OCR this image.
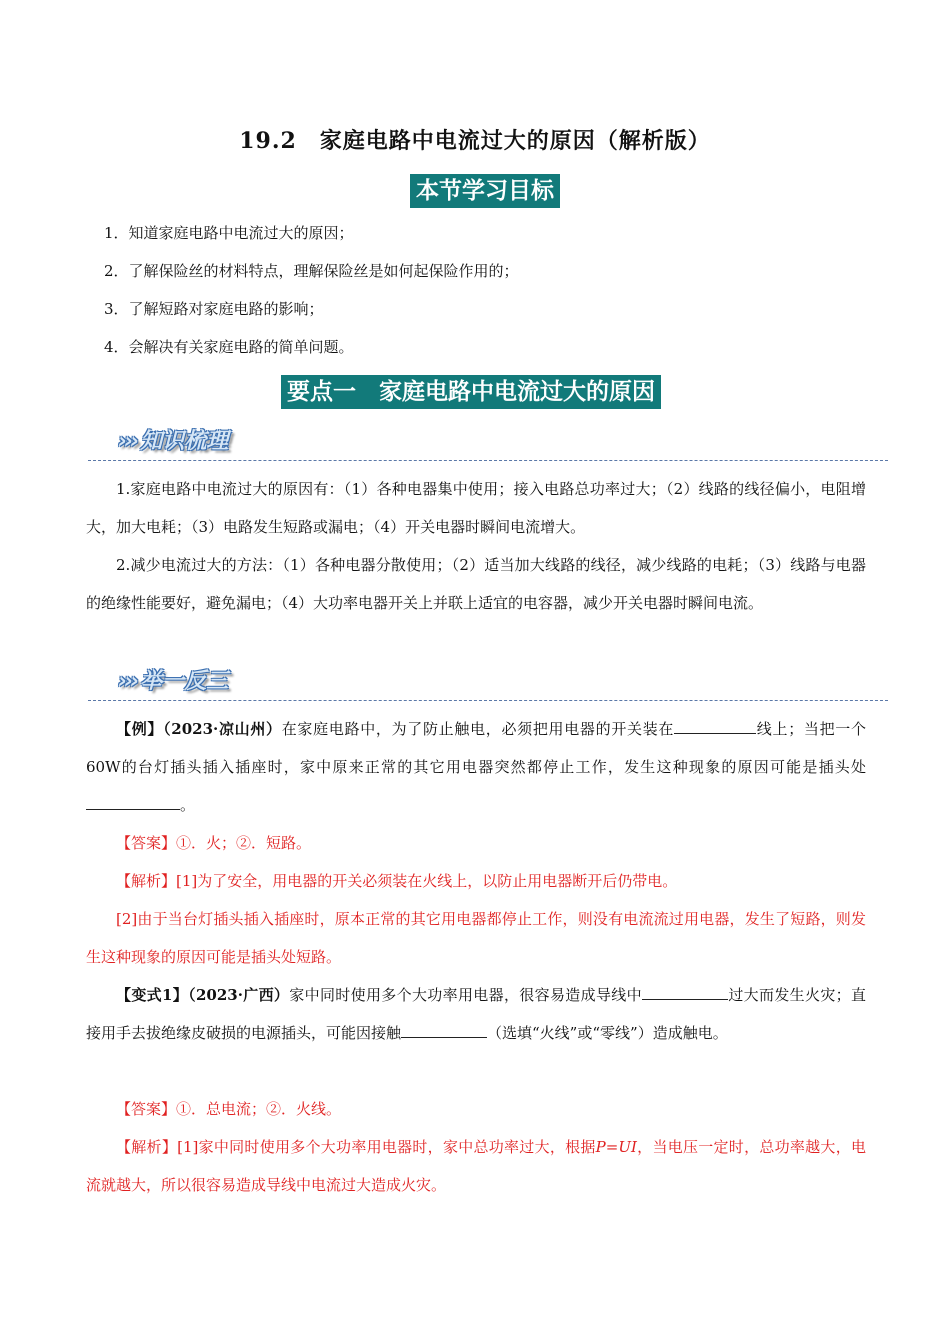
19.2　家庭电路中电流过大的原因（解析版）
本节学习目标
1．知道家庭电路中电流过大的原因；
2．了解保险丝的材料特点，理解保险丝是如何起保险作用的；
3．了解短路对家庭电路的影响；
4．会解决有关家庭电路的简单问题。
要点一　家庭电路中电流过大的原因
››› 知识梳理

1.家庭电路中电流过大的原因有：（1）各种电器集中使用；接入电路总功率过大；（2）线路的线径偏小，电阻增大，加大电耗；（3）电路发生短路或漏电；（4）开关电器时瞬间电流增大。

2.减少电流过大的方法：（1）各种电器分散使用；（2）适当加大线路的线径，减少线路的电耗；（3）线路与电器的绝缘性能要好，避免漏电；（4）大功率电器开关上并联上适宜的电容器，减少开关电器时瞬间电流。

››› 举一反三

【例】（2023·凉山州）在家庭电路中，为了防止触电，必须把用电器的开关装在	线上；当把一个60W的台灯插头插入插座时，家中原来正常的其它用电器突然都停止工作，发生这种现象的原因可能是插头处。

【答案】①．火；②．短路。

【解析】[1]为了安全，用电器的开关必须装在火线上，以防止用电器断开后仍带电。

[2]由于当台灯插头插入插座时，原本正常的其它用电器都停止工作，则没有电流流过用电器，发生了短路，则发生这种现象的原因可能是插头处短路。

【变式1】（2023·广西）家中同时使用多个大功率用电器，很容易造成导线中	过大而发生火灾；直接用手去拔绝缘皮破损的电源插头，可能因接触	（选填“火线”或“零线”）造成触电。

【答案】①．总电流；②．火线。

【解析】[1]家中同时使用多个大功率用电器时，家中总功率过大，根据P=UI，当电压一定时，总功率越大，电流就越大，所以很容易造成导线中电流过大造成火灾。
